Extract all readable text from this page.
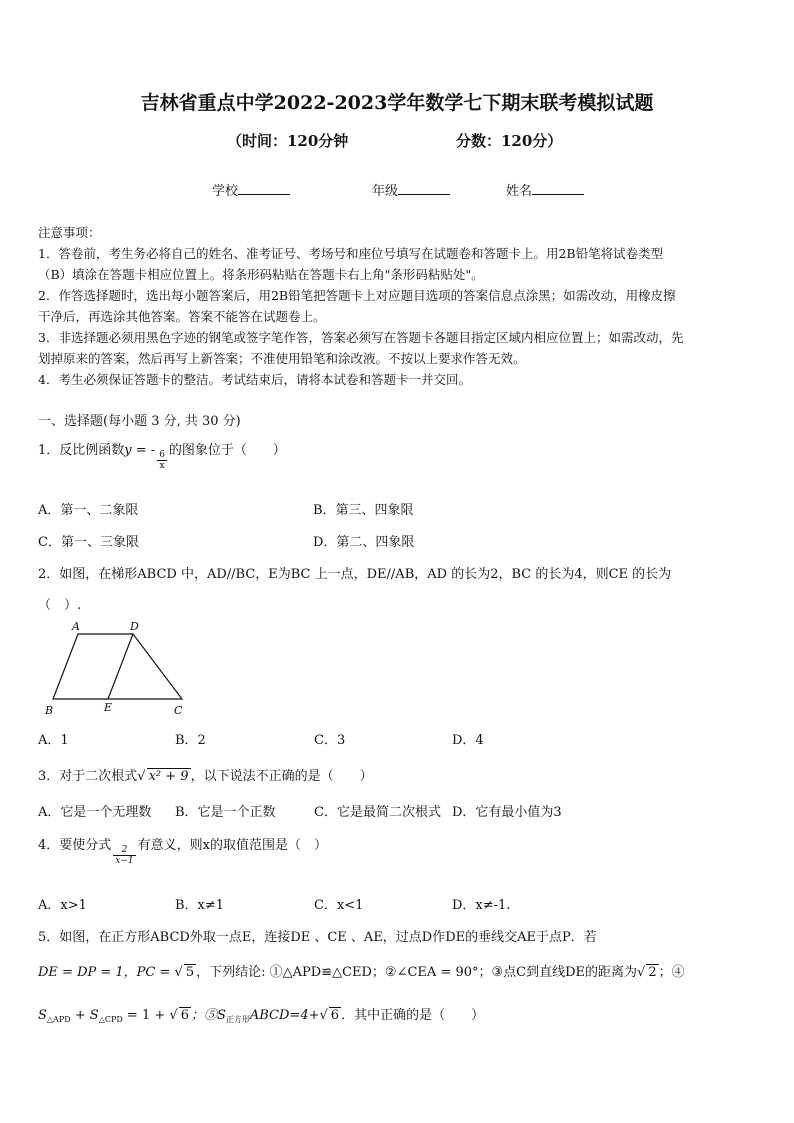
吉林省重点中学2022-2023学年数学七下期末联考模拟试题
（时间：120分钟	分数：120分）
学校	年级	姓名
注意事项：
1．答卷前，考生务必将自己的姓名、准考证号、考场号和座位号填写在试题卷和答题卡上。用2B铅笔将试卷类型
（B）填涂在答题卡相应位置上。将条形码粘贴在答题卡右上角"条形码粘贴处"。
2．作答选择题时，选出每小题答案后，用2B铅笔把答题卡上对应题目选项的答案信息点涂黑；如需改动，用橡皮擦
干净后，再选涂其他答案。答案不能答在试题卷上。
3．非选择题必须用黑色字迹的钢笔或签字笔作答，答案必须写在答题卡各题目指定区域内相应位置上；如需改动，先
划掉原来的答案，然后再写上新答案；不准使用铅笔和涂改液。不按以上要求作答无效。
4．考生必须保证答题卡的整洁。考试结束后，请将本试卷和答题卡一并交回。
一、选择题(每小题 3 分, 共 30 分)
1．反比例函数y = - $\frac{6}{x}$ 的图象位于（　　）
A．第一、二象限	B．第三、四象限
C．第一、三象限	D．第二、四象限
2．如图，在梯形ABCD 中，AD//BC，E为BC 上一点，DE//AB，AD 的长为2，BC 的长为4，则CE 的长为
（　）.
A	D
B	E	C
A．1	B．2	C．3	D．4
3．对于二次根式√ x² + 9 ，以下说法不正确的是（　　）
A．它是一个无理数 B．它是一个正数	C．它是最简二次根式 D．它有最小值为3
4．要使分式 $\frac{2}{x-1}$ 有意义，则x的取值范围是（　）
A．x>1	B．x≠1	C．x<1	D．x≠-1.
5．如图，在正方形ABCD外取一点E，连接DE 、CE 、AE，过点D作DE的垂线交AE于点P．若
DE = DP = 1，PC = √ 5 ，下列结论: ①△APD≌△CED；②∠CEA = 90°；③点C到直线DE的距离为√ 2 ；④
$S_{\triangle APD} + S_{\triangle CPD} = 1$ + √ 6 ；$⑤S_{正方形}ABCD=4+√$ 6 ．其中正确的是（　　）
